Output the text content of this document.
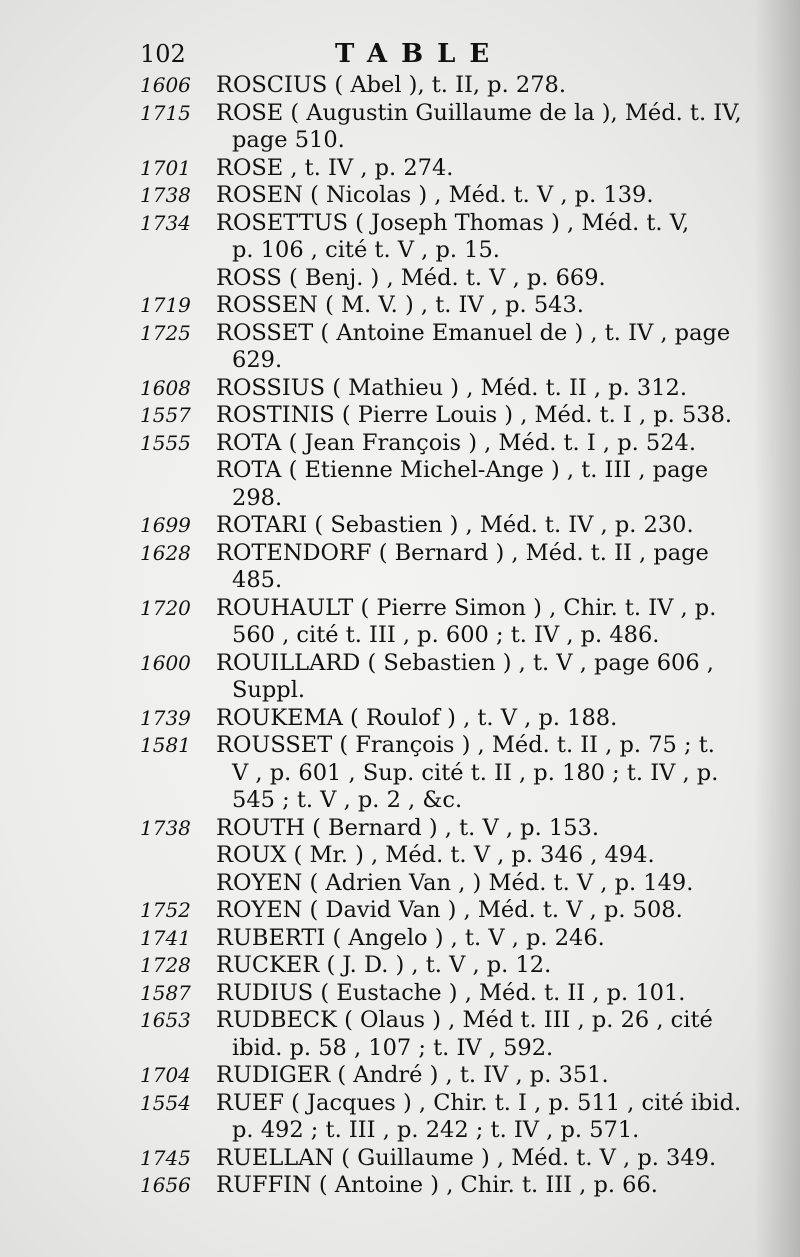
102	TABLE
1606	ROSCIUS ( Abel ), t. II, p. 278.
1715	ROSE ( Augustin Guillaume de la ), Méd. t. IV,
page 510.
1701	ROSE , t. IV , p. 274.
1738	ROSEN ( Nicolas ) , Méd. t. V , p. 139.
1734	ROSETTUS ( Joseph Thomas ) , Méd. t. V,
p. 106 , cité t. V , p. 15.
ROSS ( Benj. ) , Méd. t. V , p. 669.
1719	ROSSEN ( M. V. ) , t. IV , p. 543.
1725	ROSSET ( Antoine Emanuel de ) , t. IV , page
629.
1608	ROSSIUS ( Mathieu ) , Méd. t. II , p. 312.
1557	ROSTINIS ( Pierre Louis ) , Méd. t. I , p. 538.
1555	ROTA ( Jean François ) , Méd. t. I , p. 524.
ROTA ( Etienne Michel-Ange ) , t. III , page
298.
1699	ROTARI ( Sebastien ) , Méd. t. IV , p. 230.
1628	ROTENDORF ( Bernard ) , Méd. t. II , page
485.
1720	ROUHAULT ( Pierre Simon ) , Chir. t. IV , p.
560 , cité t. III , p. 600 ; t. IV , p. 486.
1600	ROUILLARD ( Sebastien ) , t. V , page 606 ,
Suppl.
1739	ROUKEMA ( Roulof ) , t. V , p. 188.
1581	ROUSSET ( François ) , Méd. t. II , p. 75 ; t.
V , p. 601 , Sup. cité t. II , p. 180 ; t. IV , p.
545 ; t. V , p. 2 , &c.
1738	ROUTH ( Bernard ) , t. V , p. 153.
ROUX ( Mr. ) , Méd. t. V , p. 346 , 494.
ROYEN ( Adrien Van , ) Méd. t. V , p. 149.
1752	ROYEN ( David Van ) , Méd. t. V , p. 508.
1741	RUBERTI ( Angelo ) , t. V , p. 246.
1728	RUCKER ( J. D. ) , t. V , p. 12.
1587	RUDIUS ( Eustache ) , Méd. t. II , p. 101.
1653	RUDBECK ( Olaus ) , Méd t. III , p. 26 , cité
ibid. p. 58 , 107 ; t. IV , 592.
1704	RUDIGER ( André ) , t. IV , p. 351.
1554	RUEF ( Jacques ) , Chir. t. I , p. 511 , cité ibid.
p. 492 ; t. III , p. 242 ; t. IV , p. 571.
1745	RUELLAN ( Guillaume ) , Méd. t. V , p. 349.
1656	RUFFIN ( Antoine ) , Chir. t. III , p. 66.
